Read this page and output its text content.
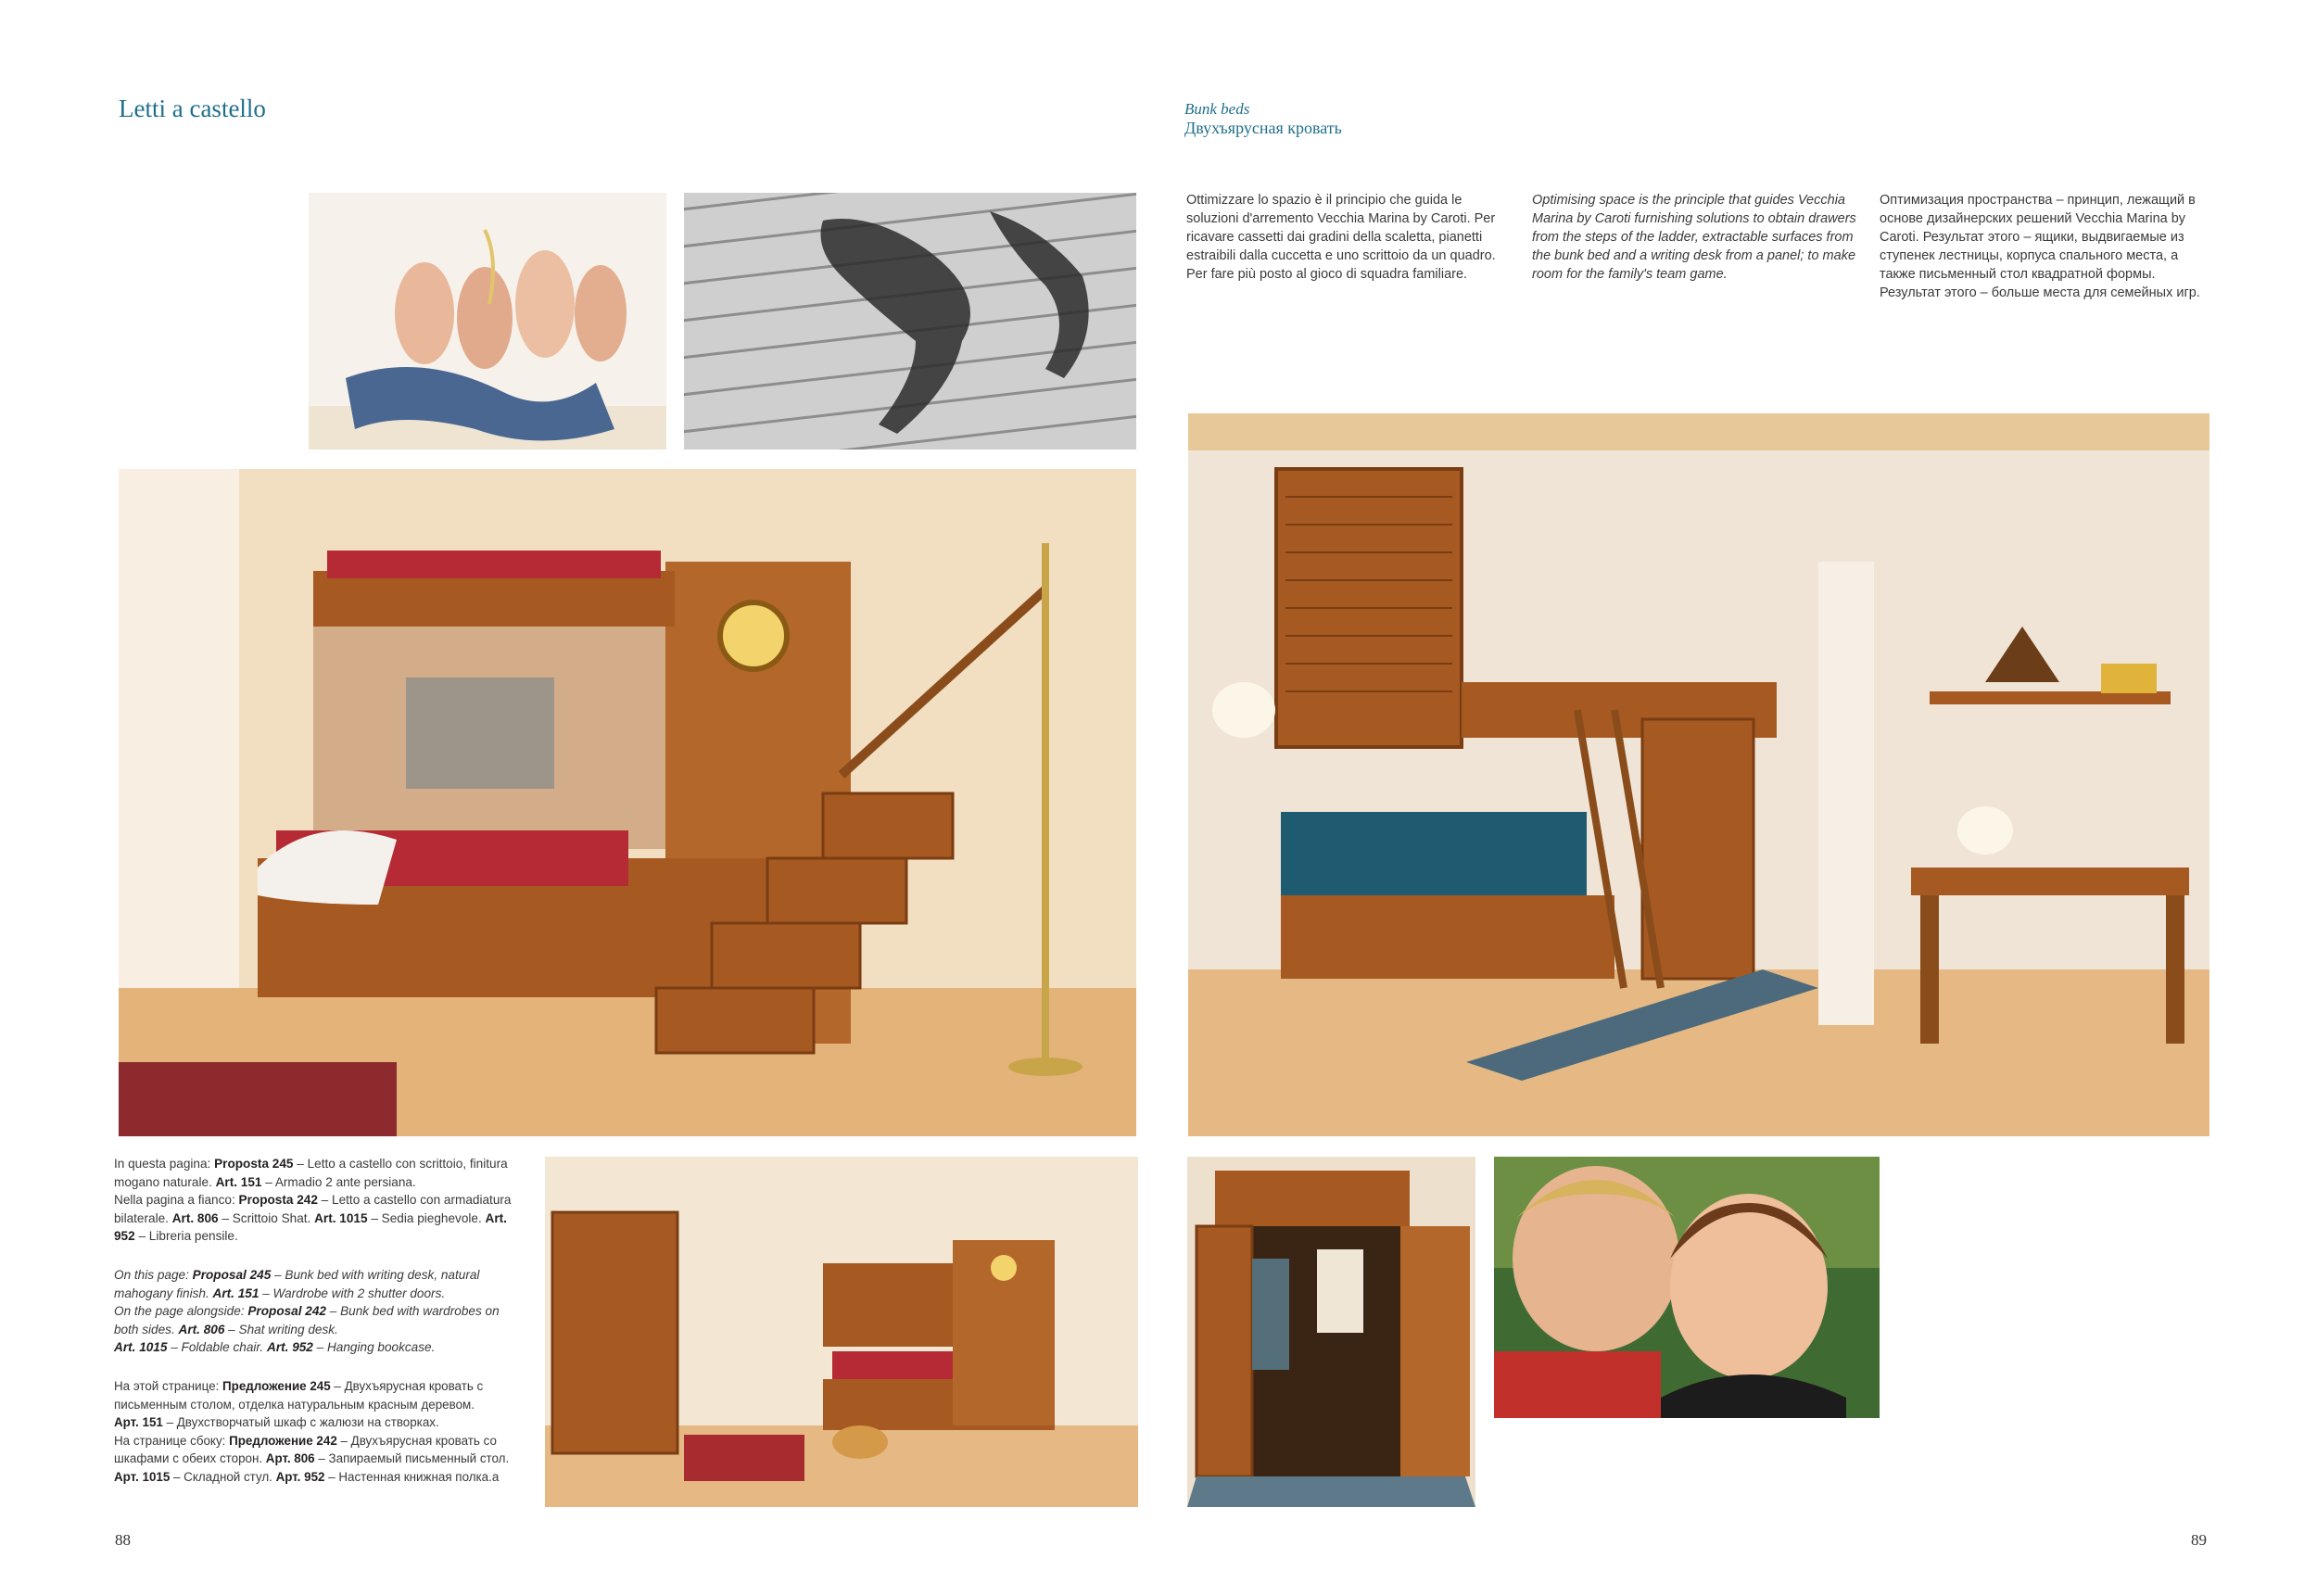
Letti a castello	Bunk beds
Двухъярусная кровать
Ottimizzare lo spazio è il principio che guida le soluzioni d'arremento Vecchia Marina by Caroti. Per ricavare cassetti dai gradini della scaletta, pianetti estraibili dalla cuccetta e uno scrittoio da un quadro. Per fare più posto al gioco di squadra familiare.
Optimising space is the principle that guides Vecchia Marina by Caroti furnishing solutions to obtain drawers from the steps of the ladder, extractable surfaces from the bunk bed and a writing desk from a panel; to make room for the family's team game.
Оптимизация пространства – принцип, лежащий в основе дизайнерских решений Vecchia Marina by Caroti. Результат этого – ящики, выдвигаемые из ступенек лестницы, корпуса спального места, а также письменный стол квадратной формы. Результат этого – больше места для семейных игр.

In questa pagina: Proposta 245 – Letto a castello con scrittoio, finitura mogano naturale. Art. 151 – Armadio 2 ante persiana.

Nella pagina a fianco: Proposta 242 – Letto a castello con armadiatura bilaterale. Art. 806 – Scrittoio Shat. Art. 1015 – Sedia pieghevole. Art. 952 – Libreria pensile.

On this page: Proposal 245 – Bunk bed with writing desk, natural mahogany finish. Art. 151 – Wardrobe with 2 shutter doors.

On the page alongside: Proposal 242 – Bunk bed with wardrobes on both sides. Art. 806 – Shat writing desk.

Art. 1015 – Foldable chair. Art. 952 – Hanging bookcase.

На этой странице: Предложение 245 – Двухъярусная кровать с письменным столом, отделка натуральным красным деревом.

Арт. 151 – Двухстворчатый шкаф с жалюзи на створках.

На странице сбоку: Предложение 242 – Двухъярусная кровать со шкафами с обеих сторон. Арт. 806 – Запираемый письменный стол.

Арт. 1015 – Складной стул. Арт. 952 – Настенная книжная полка.а

88	89
